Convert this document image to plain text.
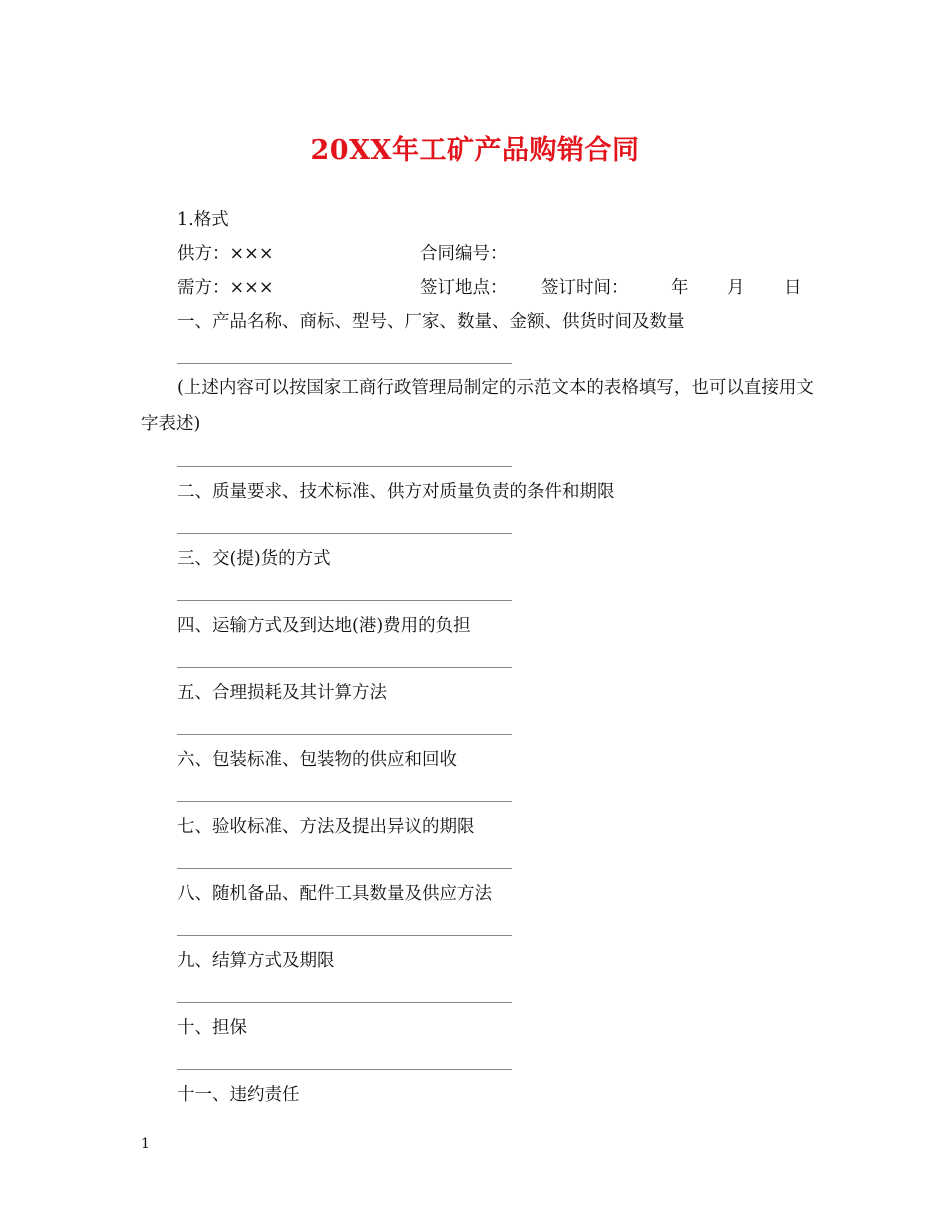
20XX年工矿产品购销合同
1.格式
供方：×××	合同编号：
需方：×××	签订地点： 签订时间： 年 月 日
一、产品名称、商标、型号、厂家、数量、金额、供货时间及数量
(上述内容可以按国家工商行政管理局制定的示范文本的表格填写，也可以直接用文字表述)
二、质量要求、技术标准、供方对质量负责的条件和期限
三、交(提)货的方式
四、运输方式及到达地(港)费用的负担
五、合理损耗及其计算方法
六、包装标准、包装物的供应和回收
七、验收标准、方法及提出异议的期限
八、随机备品、配件工具数量及供应方法
九、结算方式及期限
十、担保
十一、违约责任
1
